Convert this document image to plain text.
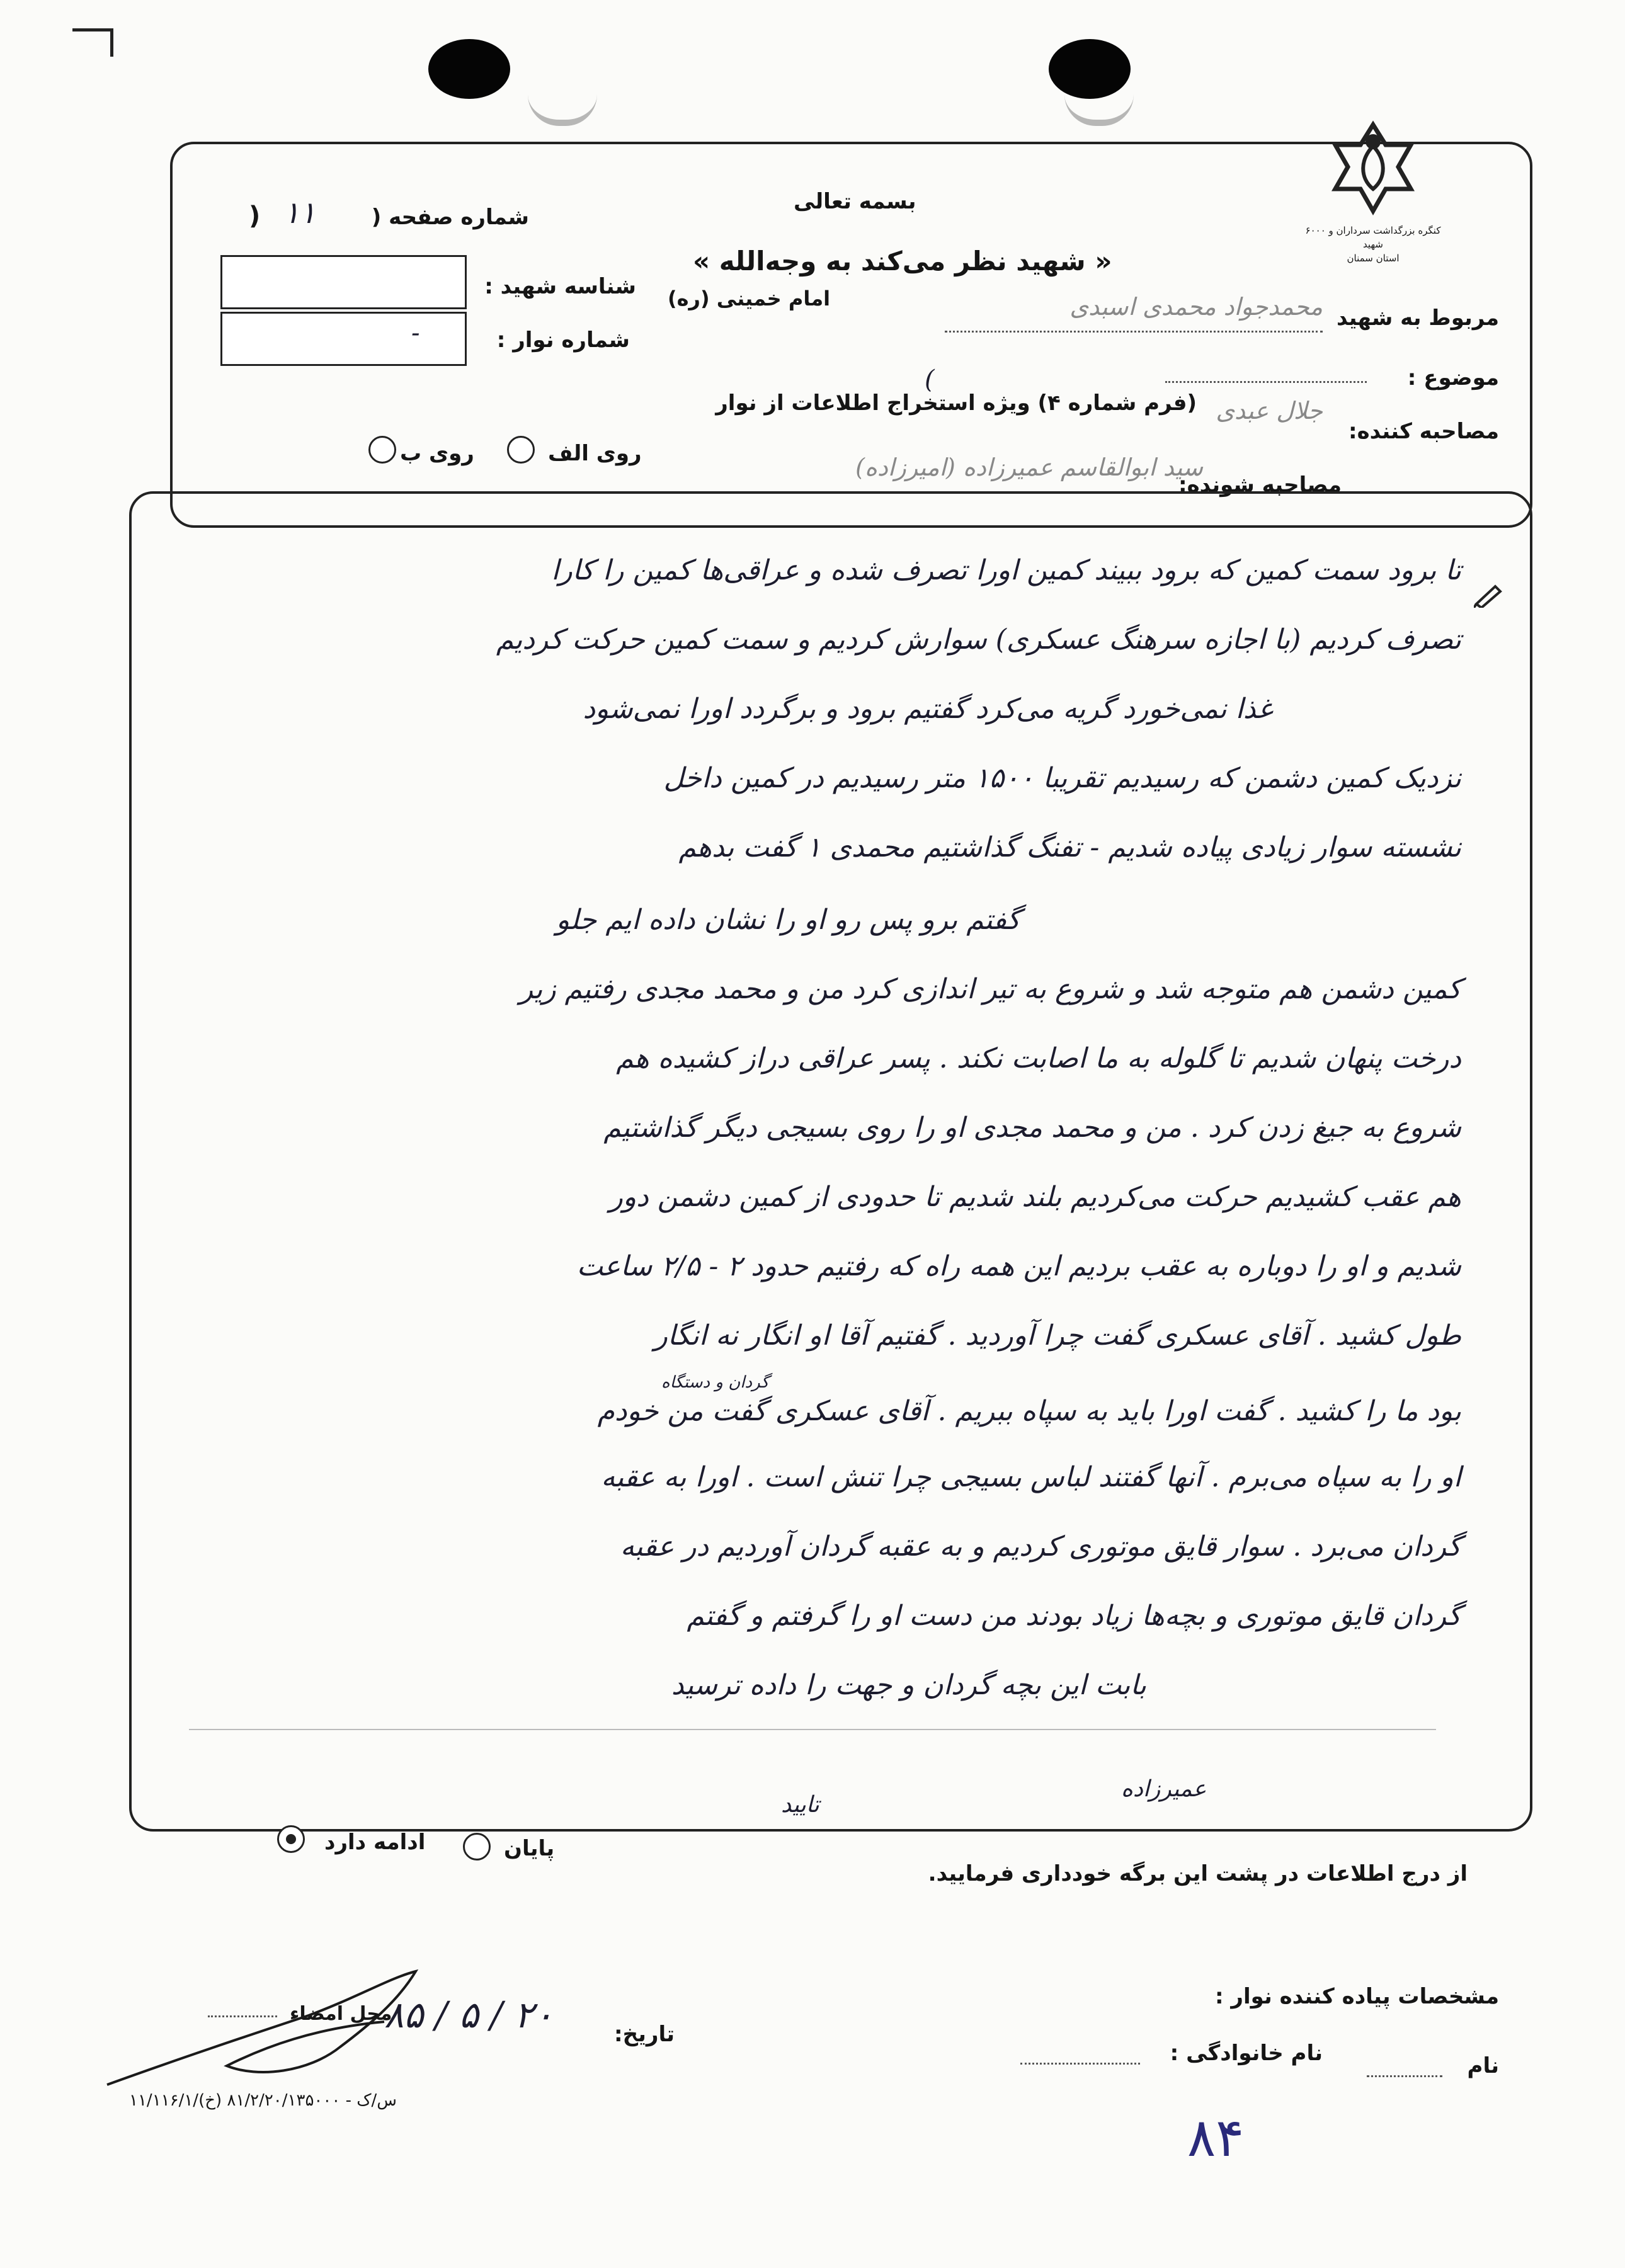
کنگره بزرگداشت سرداران و ۶۰۰۰ شهید
استان سمنان
بسمه تعالی
« شهید نظر می‌کند به وجه‌الله »
امام خمینی (ره)
شماره صفحه (
۱۱
)
شناسه شهید :
-	شماره نوار :
مربوط به شهید
محمدجواد محمدی اسبدی
موضوع :
(فرم شماره ۴) ویژه استخراج اطلاعات از نوار
(
مصاحبه کننده:
جلال عبدی
مصاحبه شونده:
سید ابوالقاسم عمیرزاده (امیرزاده)
روی الف
روی ب
تا برود سمت کمین که برود ببیند کمین اورا تصرف شده و عراقی‌ها کمین را کارا
تصرف کردیم (با اجازه سرهنگ عسکری) سوارش کردیم و سمت کمین حرکت کردیم
غذا نمی‌خورد گریه می‌کرد گفتیم برود و برگردد اورا نمی‌شود
نزدیک کمین دشمن که رسیدیم تقریبا ۱۵۰۰ متر رسیدیم در کمین داخل
نشسته سوار زیادی پیاده شدیم - تفنگ گذاشتیم محمدی ۱ گفت بدهم
گفتم برو پس رو او را نشان داده ایم جلو
کمین دشمن هم متوجه شد و شروع به تیر اندازی کرد من و محمد مجدی رفتیم زیر
درخت پنهان شدیم تا گلوله به ما اصابت نکند . پسر عراقی دراز کشیده هم
شروع به جیغ زدن کرد . من و محمد مجدی او را روی بسیجی دیگر گذاشتیم
هم عقب کشیدیم حرکت می‌کردیم بلند شدیم تا حدودی از کمین دشمن دور
شدیم و او را دوباره به عقب بردیم این همه راه که رفتیم حدود ۲ - ۲/۵ ساعت
طول کشید . آقای عسکری گفت چرا آوردید . گفتیم آقا او انگار نه انگار
بود ما را کشید . گفت اورا باید به سپاه ببریم . آقای عسکری گفت من خودم
او را به سپاه می‌برم . آنها گفتند لباس بسیجی چرا تنش است . اورا به عقبه
گردان می‌برد . سوار قایق موتوری کردیم و به عقبه گردان آوردیم در عقبه
گردان قایق موتوری و بچه‌ها زیاد بودند من دست او را گرفتم و گفتم
بابت این بچه گردان و جهت را داده ترسید
گردان و دستگاه
عمیرزاده
تایید
ادامه دارد	پایان
از درج اطلاعات در پشت این برگه خودداری فرمایید.
مشخصات پیاده کننده نوار :
نام
نام خانوادگی :
تاریخ:
۸۵ / ۵ / ۲۰
محل امضاء
۱۱/۱۱۶/۱/س/ک - ۸۱/۲/۲۰/۱۳۵۰۰۰ (خ)
۸۴
